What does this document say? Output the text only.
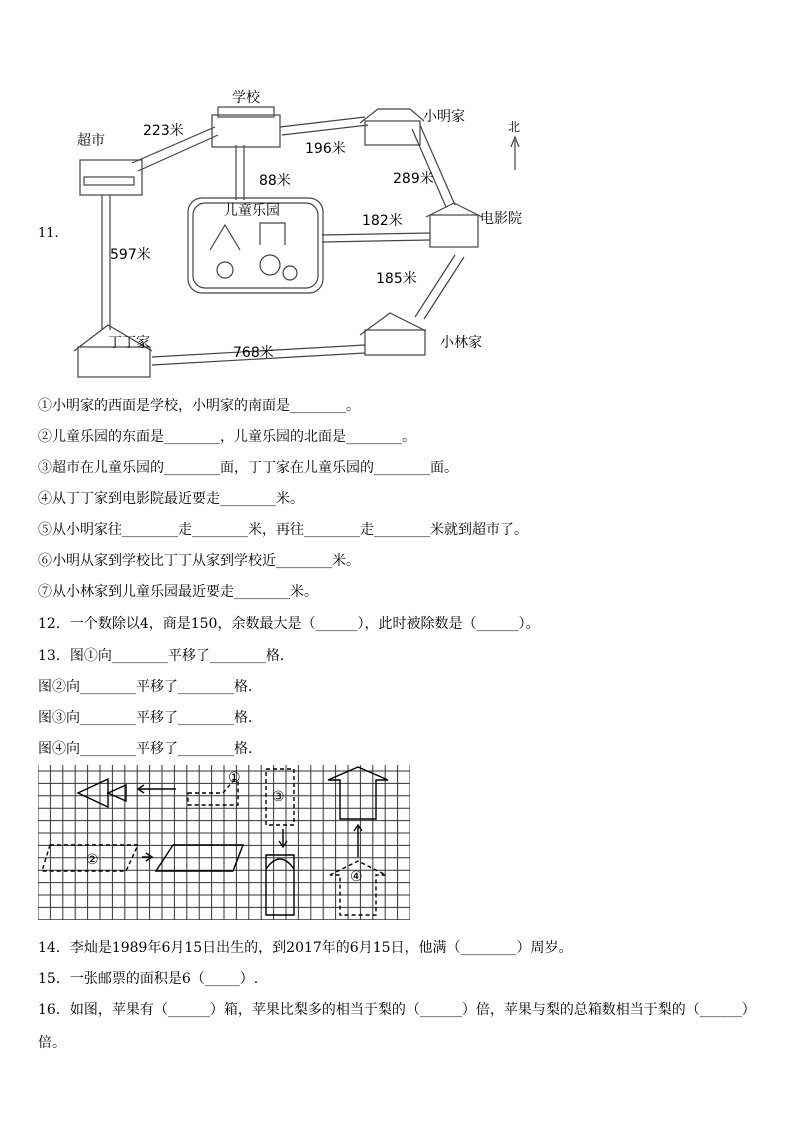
11.
学校
超市
小明家
北
电影院
儿童乐园
丁丁家	小林家
223米
196米
88米	289米
182米
597米
185米
768米
①小明家的西面是学校，小明家的南面是________。
②儿童乐园的东面是________，儿童乐园的北面是________。
③超市在儿童乐园的________面，丁丁家在儿童乐园的________面。
④从丁丁家到电影院最近要走________米。
⑤从小明家往________走________米，再往________走________米就到超市了。
⑥小明从家到学校比丁丁从家到学校近________米。
⑦从小林家到儿童乐园最近要走________米。
12．一个数除以4，商是150，余数最大是（______），此时被除数是（______）。
13．图①向________平移了________格．
图②向________平移了________格．
图③向________平移了________格．
图④向________平移了________格．
①
③
②
④
14．李灿是1989年6月15日出生的，到2017年的6月15日，他满（________）周岁。
15．一张邮票的面积是6（_____）.
16．如图，苹果有（______）箱，苹果比梨多的相当于梨的（______）倍，苹果与梨的总箱数相当于梨的（______）倍。
